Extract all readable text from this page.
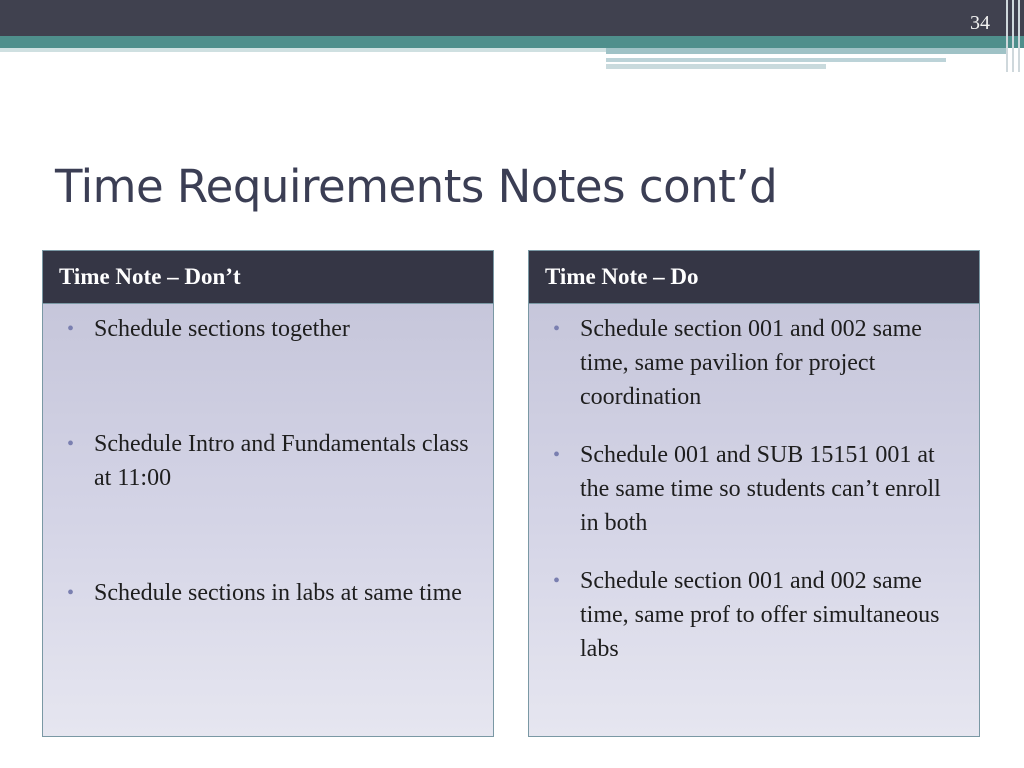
34
Time Requirements Notes cont’d
Time Note – Don’t
• Schedule sections together
• Schedule Intro and Fundamentals class at 11:00
• Schedule sections in labs at same time
Time Note – Do
• Schedule section 001 and 002 same time, same pavilion for project coordination
• Schedule 001 and SUB 15151 001 at the same time so students can’t enroll in both
• Schedule section 001 and 002 same time, same prof to offer simultaneous labs
